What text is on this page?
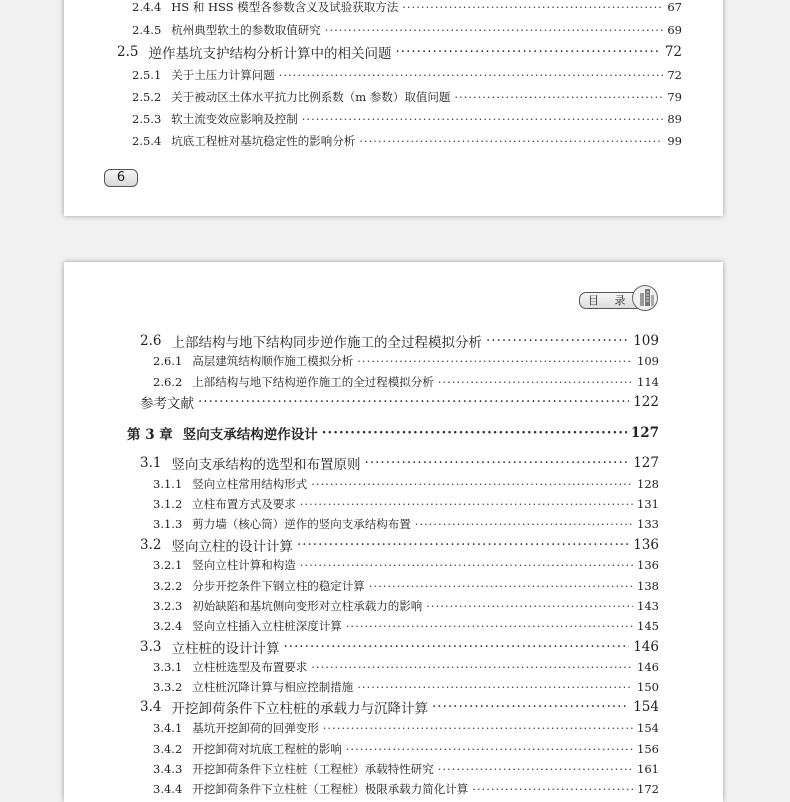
2.4.4 HS 和 HSS 模型各参数含义及试验获取方法 ·····	67
2.4.5 杭州典型软土的参数取值研究 ·····	69
2.5 逆作基坑支护结构分析计算中的相关问题 ·····	72
2.5.1 关于土压力计算问题 ·····	72
2.5.2 关于被动区土体水平抗力比例系数（m 参数）取值问题 ·····	79
2.5.3 软土流变效应影响及控制 ·····	89
2.5.4 坑底工程桩对基坑稳定性的影响分析 ·····	99
6
目 录
2.6 上部结构与地下结构同步逆作施工的全过程模拟分析 ·····	109
2.6.1 高层建筑结构顺作施工模拟分析 ·····	109
2.6.2 上部结构与地下结构逆作施工的全过程模拟分析 ·····	114
参考文献 ·····	122
第 3 章 竖向支承结构逆作设计 ·····	127
3.1 竖向支承结构的选型和布置原则 ·····	127
3.1.1 竖向立柱常用结构形式 ·····	128
3.1.2 立柱布置方式及要求 ·····	131
3.1.3 剪力墙（核心筒）逆作的竖向支承结构布置 ·····	133
3.2 竖向立柱的设计计算 ·····	136
3.2.1 竖向立柱计算和构造 ·····	136
3.2.2 分步开挖条件下钢立柱的稳定计算 ·····	138
3.2.3 初始缺陷和基坑侧向变形对立柱承载力的影响 ·····	143
3.2.4 竖向立柱插入立柱桩深度计算 ·····	145
3.3 立柱桩的设计计算 ·····	146
3.3.1 立柱桩选型及布置要求 ·····	146
3.3.2 立柱桩沉降计算与相应控制措施 ·····	150
3.4 开挖卸荷条件下立柱桩的承载力与沉降计算 ·····	154
3.4.1 基坑开挖卸荷的回弹变形 ·····	154
3.4.2 开挖卸荷对坑底工程桩的影响 ·····	156
3.4.3 开挖卸荷条件下立柱桩（工程桩）承载特性研究 ·····	161
3.4.4 开挖卸荷条件下立柱桩（工程桩）极限承载力简化计算 ·····	172
